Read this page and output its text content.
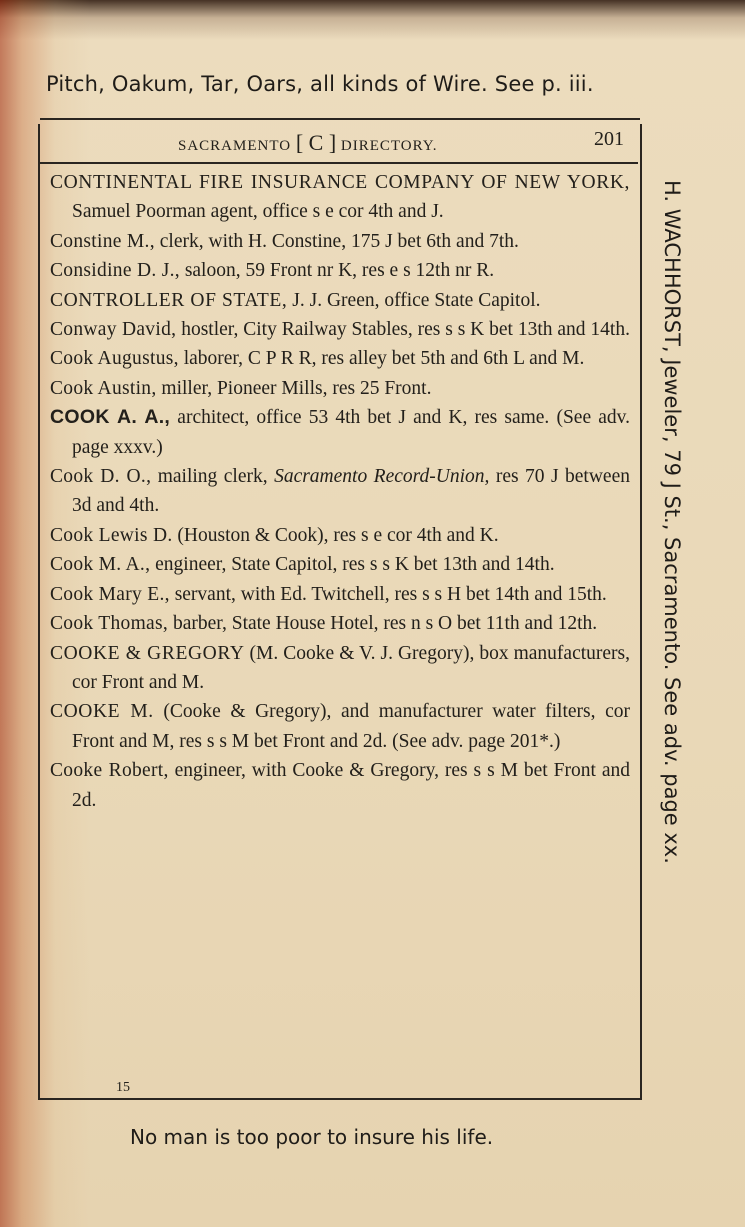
Pitch, Oakum, Tar, Oars, all kinds of Wire. See p. iii.
SACRAMENTO [ C ] DIRECTORY.	201

CONTINENTAL FIRE INSURANCE COMPANY OF NEW YORK, Samuel Poorman agent, office s e cor 4th and J.

Constine M., clerk, with H. Constine, 175 J bet 6th and 7th.

Considine D. J., saloon, 59 Front nr K, res e s 12th nr R.

CONTROLLER OF STATE, J. J. Green, office State Capitol.

Conway David, hostler, City Railway Stables, res s s K bet 13th and 14th.

Cook Augustus, laborer, C P R R, res alley bet 5th and 6th L and M.

Cook Austin, miller, Pioneer Mills, res 25 Front.

COOK A. A., architect, office 53 4th bet J and K, res same. (See adv. page xxxv.)

Cook D. O., mailing clerk, Sacramento Record-Union, res 70 J between 3d and 4th.

Cook Lewis D. (Houston & Cook), res s e cor 4th and K.

Cook M. A., engineer, State Capitol, res s s K bet 13th and 14th.

Cook Mary E., servant, with Ed. Twitchell, res s s H bet 14th and 15th.

Cook Thomas, barber, State House Hotel, res n s O bet 11th and 12th.

COOKE & GREGORY (M. Cooke & V. J. Gregory), box manufacturers, cor Front and M.

COOKE M. (Cooke & Gregory), and manufacturer water filters, cor Front and M, res s s M bet Front and 2d. (See adv. page 201*.)

Cooke Robert, engineer, with Cooke & Gregory, res s s M bet Front and 2d.

15
H. WACHHORST, Jeweler, 79 J St., Sacramento. See adv. page xx.
No man is too poor to insure his life.
